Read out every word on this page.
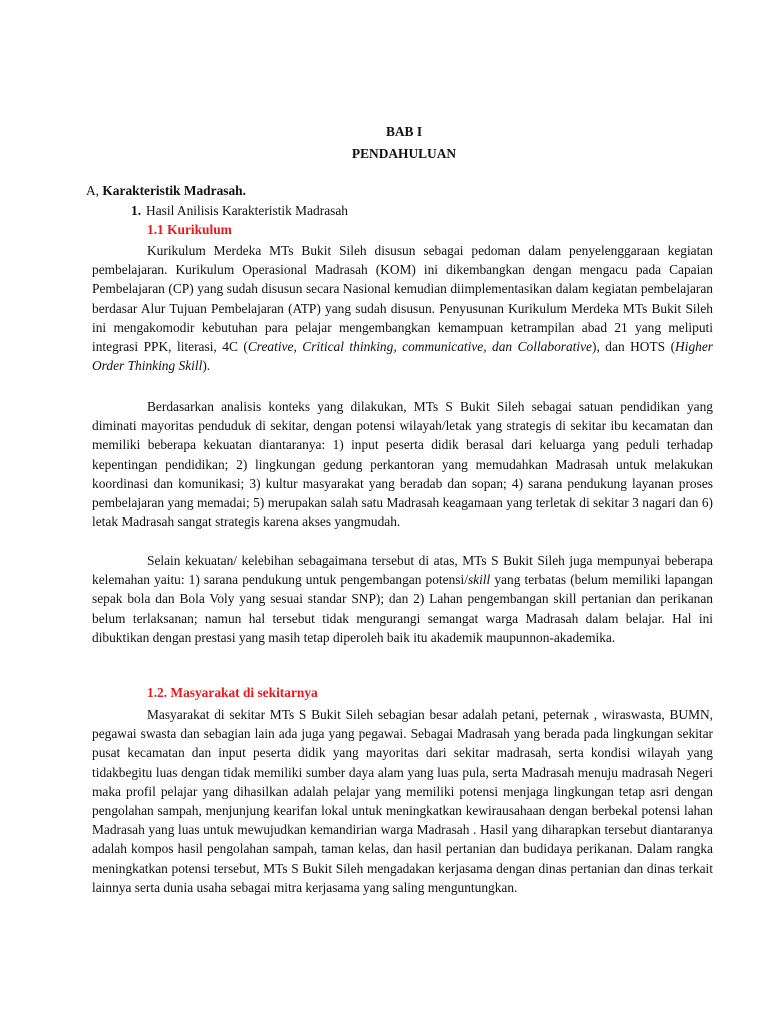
BAB I
PENDAHULUAN
A, Karakteristik Madrasah.
1. Hasil Anilisis Karakteristik Madrasah
1.1 Kurikulum
Kurikulum Merdeka MTs Bukit Sileh disusun sebagai pedoman dalam penyelenggaraan kegiatan pembelajaran. Kurikulum Operasional Madrasah (KOM) ini dikembangkan dengan mengacu pada Capaian Pembelajaran (CP) yang sudah disusun secara Nasional kemudian diimplementasikan dalam kegiatan pembelajaran berdasar Alur Tujuan Pembelajaran (ATP) yang sudah disusun. Penyusunan Kurikulum Merdeka MTs Bukit Sileh ini mengakomodir kebutuhan para pelajar mengembangkan kemampuan ketrampilan abad 21 yang meliputi integrasi PPK, literasi, 4C (Creative, Critical thinking, communicative, dan Collaborative), dan HOTS (Higher Order Thinking Skill).
Berdasarkan analisis konteks yang dilakukan, MTs S Bukit Sileh sebagai satuan pendidikan yang diminati mayoritas penduduk di sekitar, dengan potensi wilayah/letak yang strategis di sekitar ibu kecamatan dan memiliki beberapa kekuatan diantaranya: 1) input peserta didik berasal dari keluarga yang peduli terhadap kepentingan pendidikan; 2) lingkungan gedung perkantoran yang memudahkan Madrasah untuk melakukan koordinasi dan komunikasi; 3) kultur masyarakat yang beradab dan sopan; 4) sarana pendukung layanan proses pembelajaran yang memadai; 5) merupakan salah satu Madrasah keagamaan yang terletak di sekitar 3 nagari dan 6) letak Madrasah sangat strategis karena akses yangmudah.
Selain kekuatan/ kelebihan sebagaimana tersebut di atas, MTs S Bukit Sileh juga mempunyai beberapa kelemahan yaitu: 1) sarana pendukung untuk pengembangan potensi/skill yang terbatas (belum memiliki lapangan sepak bola dan Bola Voly yang sesuai standar SNP); dan 2) Lahan pengembangan skill pertanian dan perikanan belum terlaksanan; namun hal tersebut tidak mengurangi semangat warga Madrasah dalam belajar. Hal ini dibuktikan dengan prestasi yang masih tetap diperoleh baik itu akademik maupunnon-akademika.
1.2. Masyarakat di sekitarnya
Masyarakat di sekitar MTs S Bukit Sileh sebagian besar adalah petani, peternak , wiraswasta, BUMN, pegawai swasta dan sebagian lain ada juga yang pegawai. Sebagai Madrasah yang berada pada lingkungan sekitar pusat kecamatan dan input peserta didik yang mayoritas dari sekitar madrasah, serta kondisi wilayah yang tidakbegitu luas dengan tidak memiliki sumber daya alam yang luas pula, serta Madrasah menuju madrasah Negeri maka profil pelajar yang dihasilkan adalah pelajar yang memiliki potensi menjaga lingkungan tetap asri dengan pengolahan sampah, menjunjung kearifan lokal untuk meningkatkan kewirausahaan dengan berbekal potensi lahan Madrasah yang luas untuk mewujudkan kemandirian warga Madrasah . Hasil yang diharapkan tersebut diantaranya adalah kompos hasil pengolahan sampah, taman kelas, dan hasil pertanian dan budidaya perikanan. Dalam rangka meningkatkan potensi tersebut, MTs S Bukit Sileh mengadakan kerjasama dengan dinas pertanian dan dinas terkait lainnya serta dunia usaha sebagai mitra kerjasama yang saling menguntungkan.
